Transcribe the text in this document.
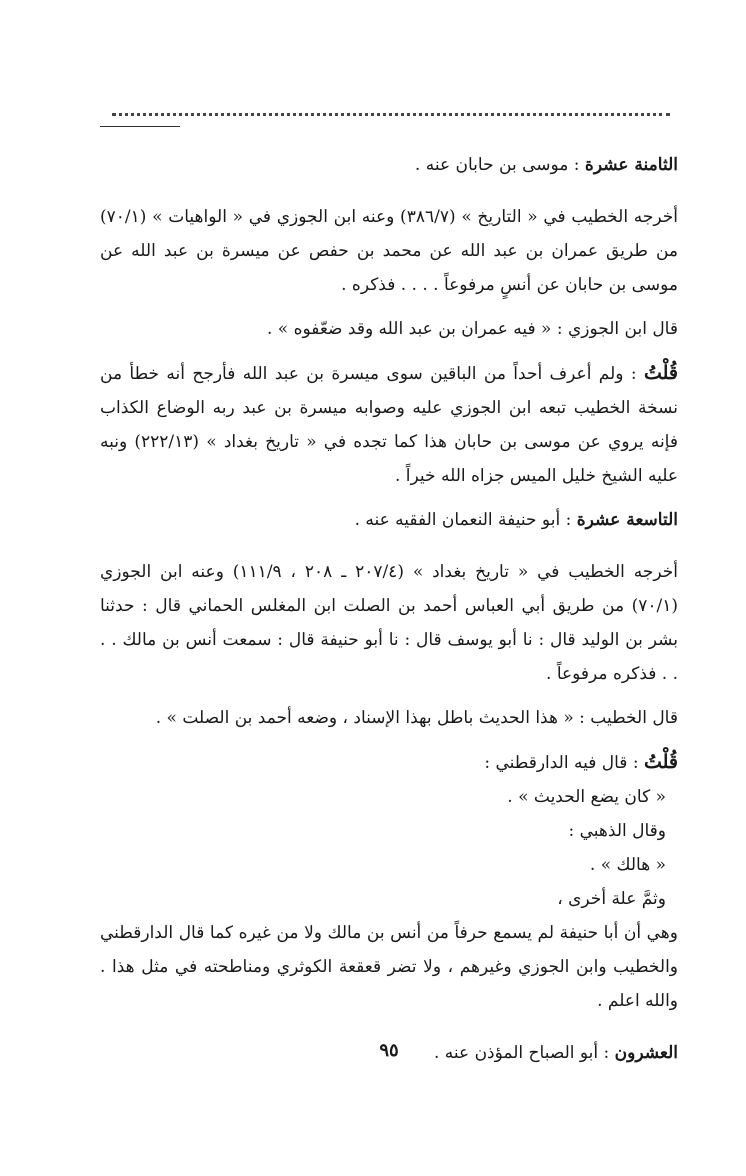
الثامنة عشرة : موسى بن حابان عنه .

أخرجه الخطيب في « التاريخ » (٣٨٦/٧) وعنه ابن الجوزي في « الواهيات » (٧٠/١) من طريق عمران بن عبد الله عن محمد بن حفص عن ميسرة بن عبد الله عن موسى بن حابان عن أنسٍ مرفوعاً . . . . فذكره .

قال ابن الجوزي : « فيه عمران بن عبد الله وقد ضعّفوه » .

قُلْتُ : ولم أعرف أحداً من الباقين سوى ميسرة بن عبد الله فأرجح أنه خطأ من نسخة الخطيب تبعه ابن الجوزي عليه وصوابه ميسرة بن عبد ربه الوضاع الكذاب فإنه يروي عن موسى بن حابان هذا كما تجده في « تاريخ بغداد » (٢٢٢/١٣) ونبه عليه الشيخ خليل الميس جزاه الله خيراً .

التاسعة عشرة : أبو حنيفة النعمان الفقيه عنه .

أخرجه الخطيب في « تاريخ بغداد » (٢٠٧/٤ ـ ٢٠٨ ، ١١١/٩) وعنه ابن الجوزي (٧٠/١) من طريق أبي العباس أحمد بن الصلت ابن المغلس الحماني قال : حدثنا بشر بن الوليد قال : نا أبو يوسف قال : نا أبو حنيفة قال : سمعت أنس بن مالك . . . . فذكره مرفوعاً .

قال الخطيب : « هذا الحديث باطل بهذا الإسناد ، وضعه أحمد بن الصلت » .

قُلْتُ : قال فيه الدارقطني :

« كان يضع الحديث » .

وقال الذهبي :

« هالك » .

وثمَّ علة أخرى ،

وهي أن أبا حنيفة لم يسمع حرفاً من أنس بن مالك ولا من غيره كما قال الدارقطني والخطيب وابن الجوزي وغيرهم ، ولا تضر قعقعة الكوثري ومناطحته في مثل هذا . والله اعلم .

العشرون : أبو الصباح المؤذن عنه .

٩٥
